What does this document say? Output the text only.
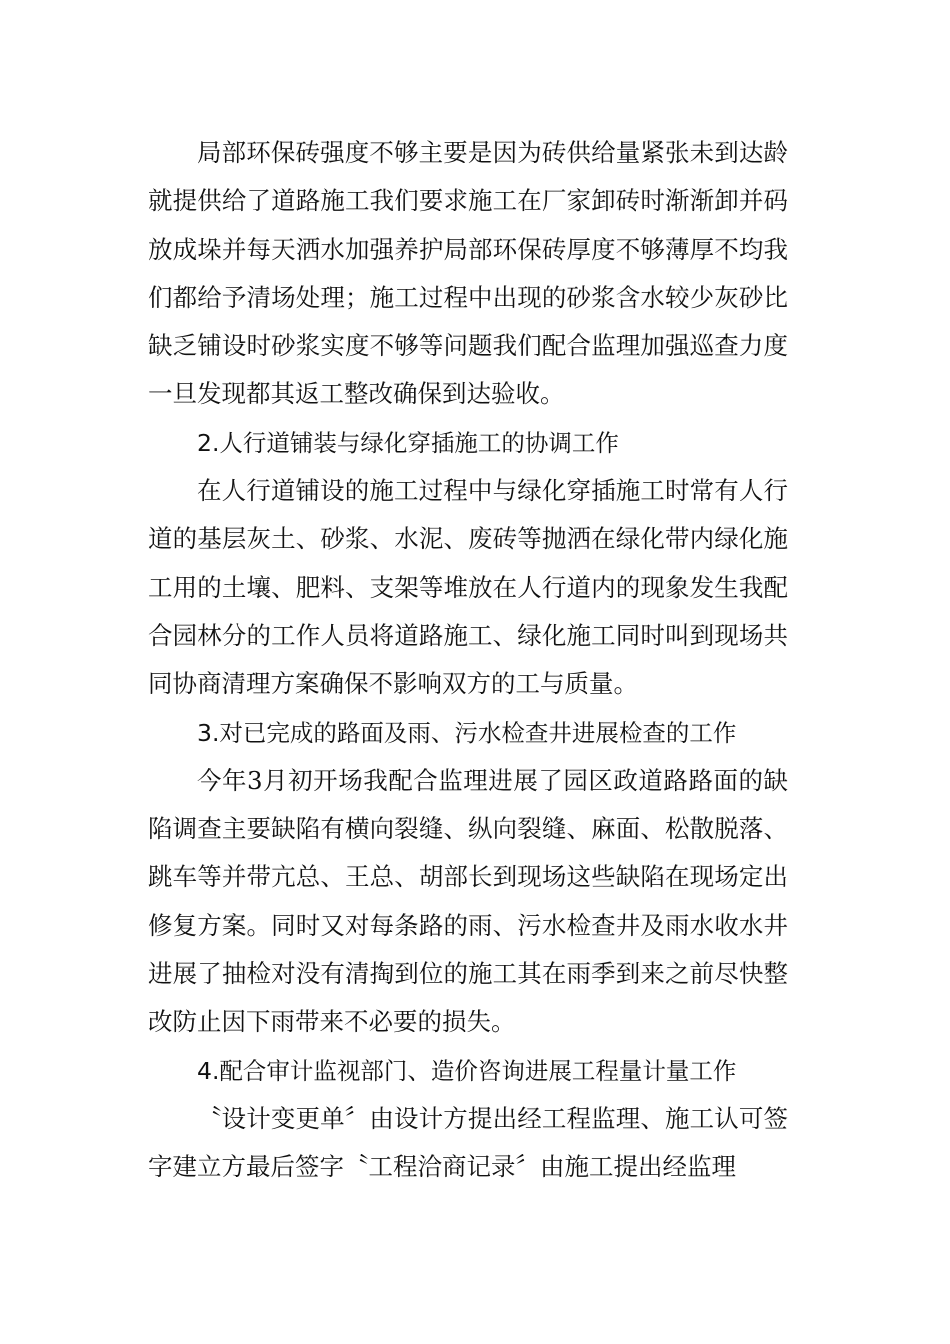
局部环保砖强度不够主要是因为砖供给量紧张未到达龄就提供给了道路施工我们要求施工在厂家卸砖时渐渐卸并码放成垛并每天洒水加强养护局部环保砖厚度不够薄厚不均我们都给予清场处理；施工过程中出现的砂浆含水较少灰砂比缺乏铺设时砂浆实度不够等问题我们配合监理加强巡查力度一旦发现都其返工整改确保到达验收。

2.人行道铺装与绿化穿插施工的协调工作

在人行道铺设的施工过程中与绿化穿插施工时常有人行道的基层灰土、砂浆、水泥、废砖等抛洒在绿化带内绿化施工用的土壤、肥料、支架等堆放在人行道内的现象发生我配合园林分的工作人员将道路施工、绿化施工同时叫到现场共同协商清理方案确保不影响双方的工与质量。

3.对已完成的路面及雨、污水检查井进展检查的工作

今年3月初开场我配合监理进展了园区政道路路面的缺陷调查主要缺陷有横向裂缝、纵向裂缝、麻面、松散脱落、跳车等并带亢总、王总、胡部长到现场这些缺陷在现场定出修复方案。同时又对每条路的雨、污水检查井及雨水收水井进展了抽检对没有清掏到位的施工其在雨季到来之前尽快整改防止因下雨带来不必要的损失。

4.配合审计监视部门、造价咨询进展工程量计量工作

〝设计变更单〞由设计方提出经工程监理、施工认可签字建立方最后签字〝工程洽商记录〞由施工提出经监理
